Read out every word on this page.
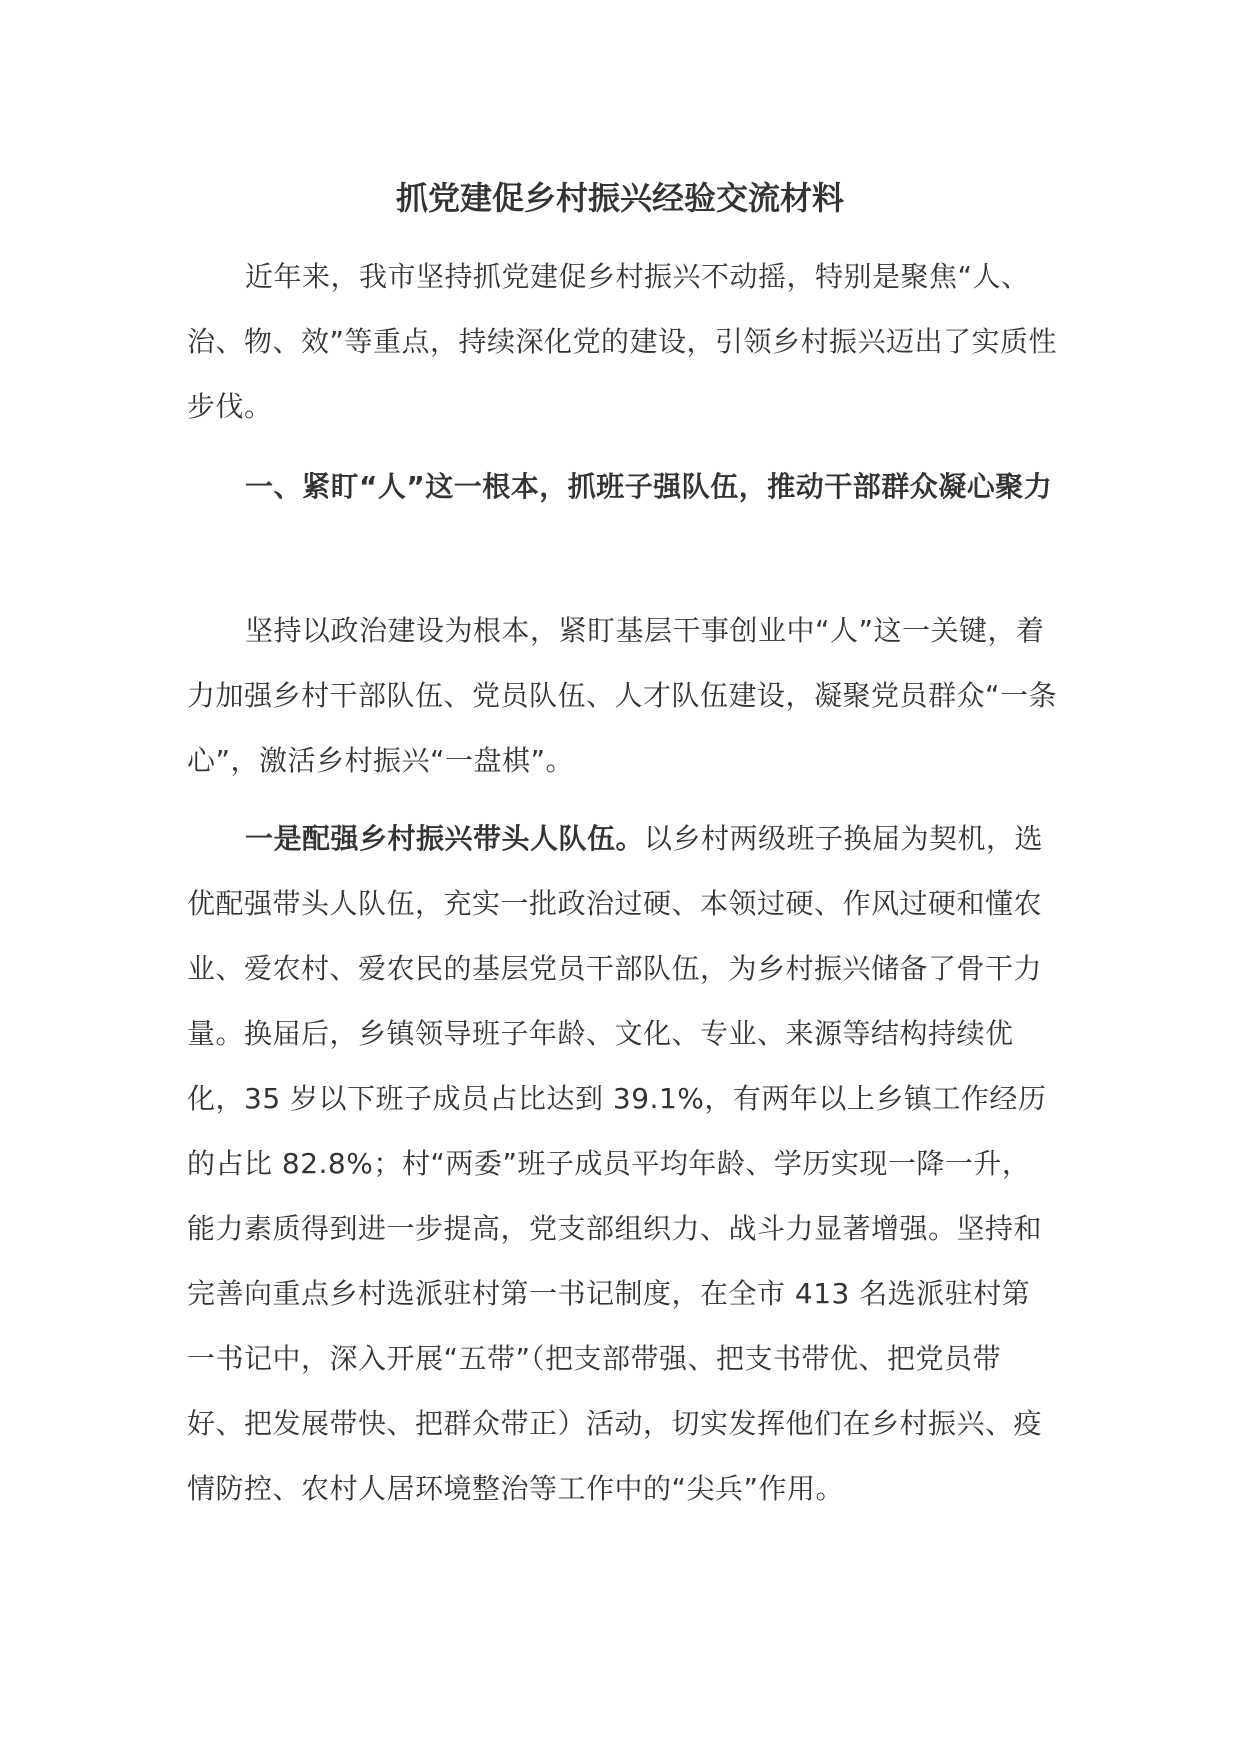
抓党建促乡村振兴经验交流材料

近年来，我市坚持抓党建促乡村振兴不动摇，特别是聚焦“人、治、物、效”等重点，持续深化党的建设，引领乡村振兴迈出了实质性步伐。

一、紧盯“人”这一根本，抓班子强队伍，推动干部群众凝心聚力

坚持以政治建设为根本，紧盯基层干事创业中“人”这一关键，着力加强乡村干部队伍、党员队伍、人才队伍建设，凝聚党员群众“一条心”，激活乡村振兴“一盘棋”。

一是配强乡村振兴带头人队伍。以乡村两级班子换届为契机，选优配强带头人队伍，充实一批政治过硬、本领过硬、作风过硬和懂农业、爱农村、爱农民的基层党员干部队伍，为乡村振兴储备了骨干力量。换届后，乡镇领导班子年龄、文化、专业、来源等结构持续优化，35 岁以下班子成员占比达到 39.1%，有两年以上乡镇工作经历的占比 82.8%；村“两委”班子成员平均年龄、学历实现一降一升，能力素质得到进一步提高，党支部组织力、战斗力显著增强。坚持和完善向重点乡村选派驻村第一书记制度，在全市 413 名选派驻村第一书记中，深入开展“五带”（把支部带强、把支书带优、把党员带好、把发展带快、把群众带正）活动，切实发挥他们在乡村振兴、疫情防控、农村人居环境整治等工作中的“尖兵”作用。
